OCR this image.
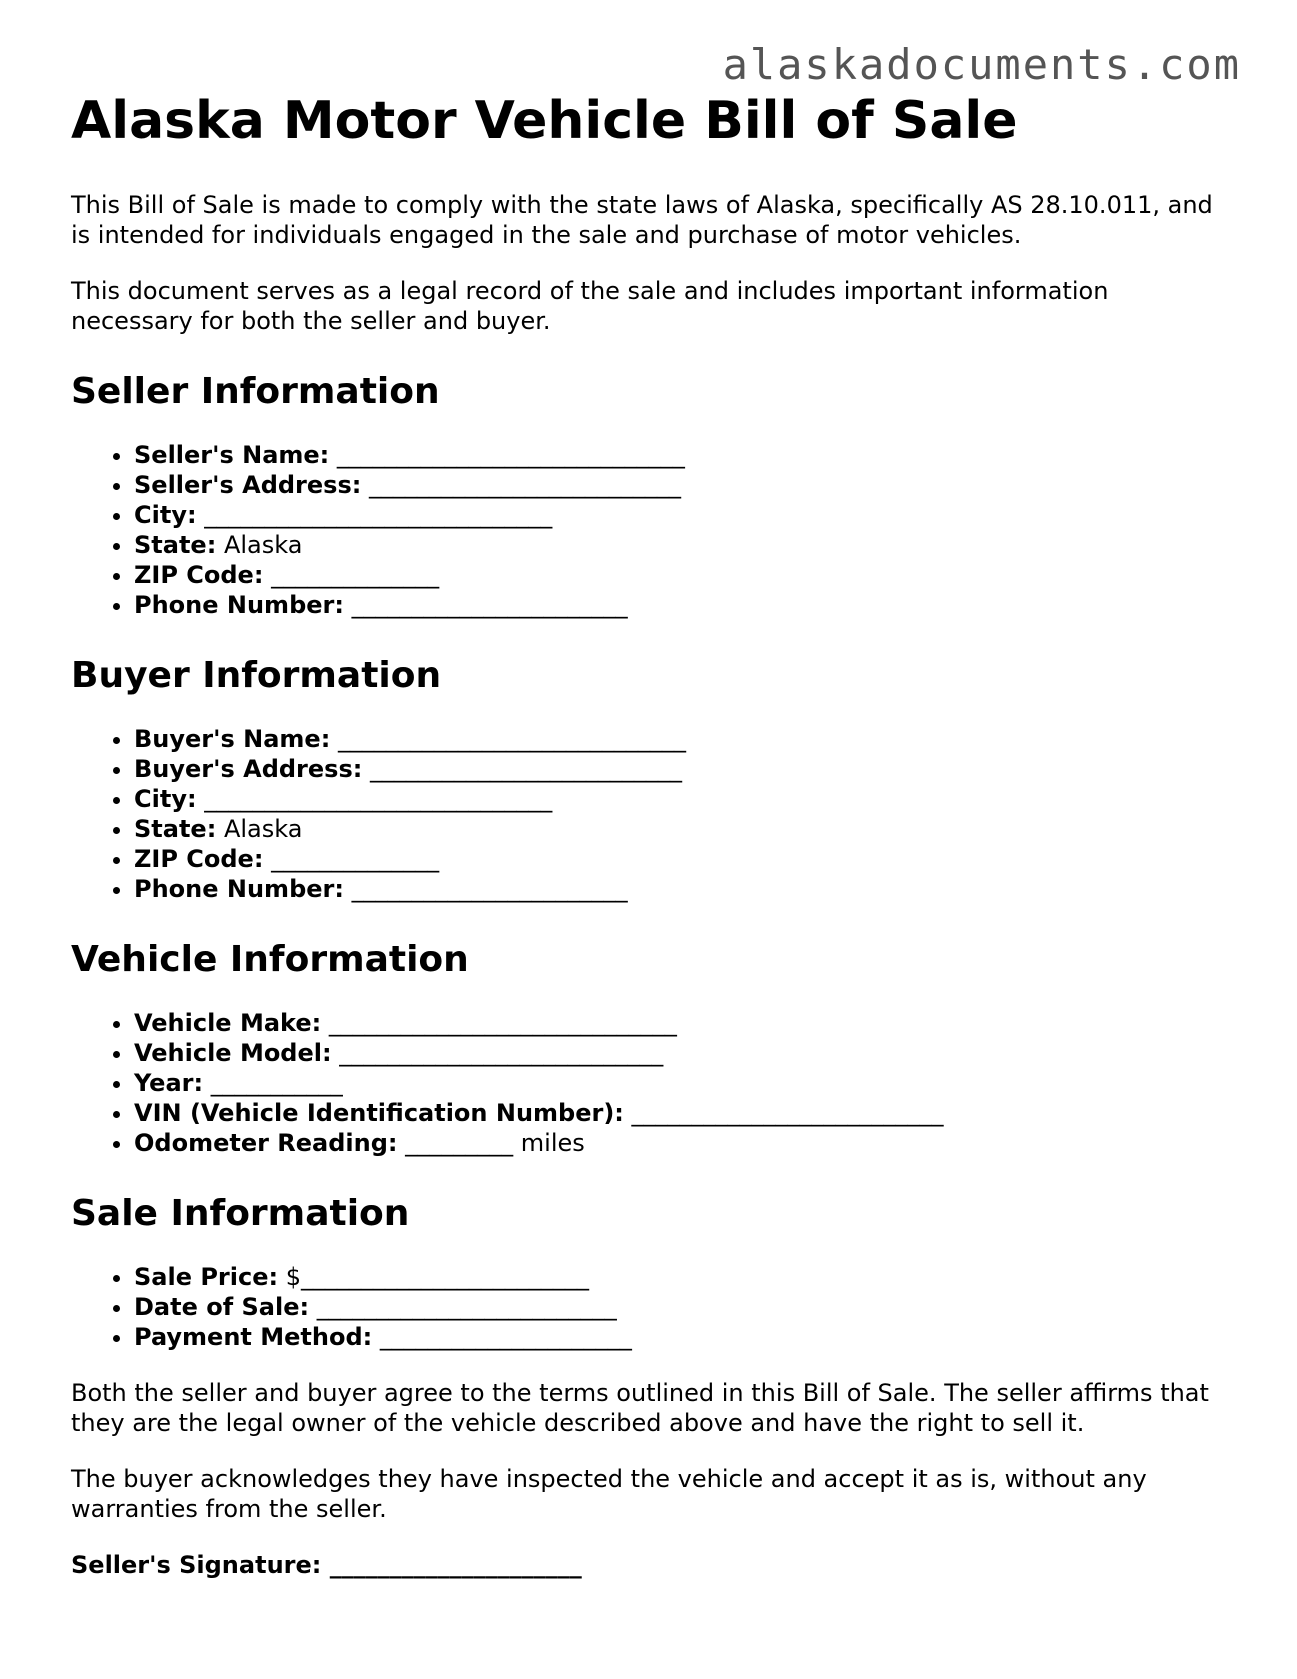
alaskadocuments.com
Alaska Motor Vehicle Bill of Sale

This Bill of Sale is made to comply with the state laws of Alaska, specifically AS 28.10.011, and is intended for individuals engaged in the sale and purchase of motor vehicles.

This document serves as a legal record of the sale and includes important information necessary for both the seller and buyer.

Seller Information
• Seller's Name: _____________________________
• Seller's Address: __________________________
• City: _____________________________
• State: Alaska
• ZIP Code: ______________
• Phone Number: _______________________
Buyer Information
• Buyer's Name: _____________________________
• Buyer's Address: __________________________
• City: _____________________________
• State: Alaska
• ZIP Code: ______________
• Phone Number: _______________________
Vehicle Information
• Vehicle Make: _____________________________
• Vehicle Model: ___________________________
• Year: ___________
• VIN (Vehicle Identification Number): __________________________
• Odometer Reading: _________ miles
Sale Information
• Sale Price: $________________________
• Date of Sale: _________________________
• Payment Method: _____________________

Both the seller and buyer agree to the terms outlined in this Bill of Sale. The seller affirms that they are the legal owner of the vehicle described above and have the right to sell it.

The buyer acknowledges they have inspected the vehicle and accept it as is, without any warranties from the seller.

Seller's Signature: _____________________
